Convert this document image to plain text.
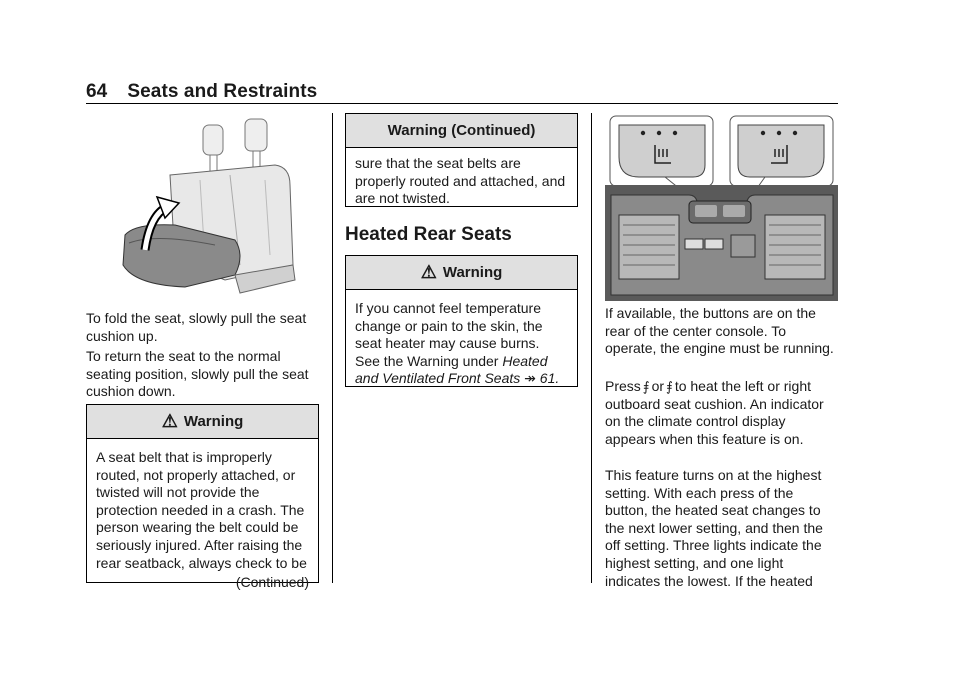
64 Seats and Restraints

To fold the seat, slowly pull the seat cushion up.

To return the seat to the normal seating position, slowly pull the seat cushion down.

⚠ Warning
A seat belt that is improperly routed, not properly attached, or twisted will not provide the protection needed in a crash. The person wearing the belt could be seriously injured. After raising the rear seatback, always check to be
(Continued)
Warning (Continued)
sure that the seat belts are properly routed and attached, and are not twisted.
Heated Rear Seats
⚠ Warning
If you cannot feel temperature change or pain to the skin, the seat heater may cause burns. See the Warning under Heated and Ventilated Front Seats ↠ 61.

If available, the buttons are on the rear of the center console. To operate, the engine must be running.

Press ⨎ or ⨎ to heat the left or right outboard seat cushion. An indicator on the climate control display appears when this feature is on.

This feature turns on at the highest setting. With each press of the button, the heated seat changes to the next lower setting, and then the off setting. Three lights indicate the highest setting, and one light indicates the lowest. If the heated
